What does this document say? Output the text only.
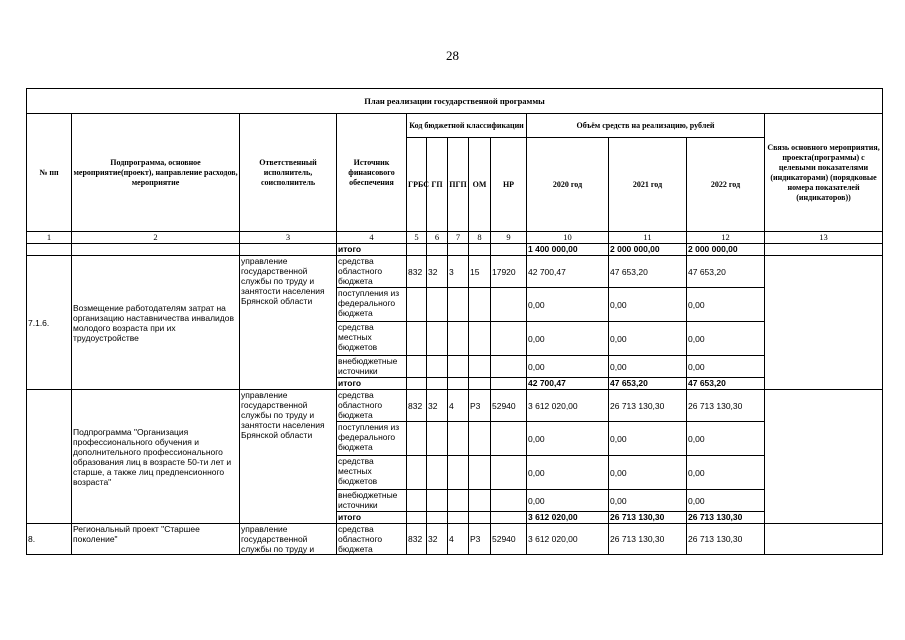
28
План реализации государственной программы												
№ пп	Подпрограмма, основное мероприятие(проект), направление расходов, мероприятие	Ответственный исполнитель, соисполнитель	Источник финансового обеспечения	Код бюджетной классификации					Объём средств на реализацию, рублей			Связь основного мероприятия, проекта(программы) с целевыми показателями (индикаторами) (порядковые номера показателей (индикаторов))
				ГРБС	ГП	ПГП	ОМ	НР	2020 год	2021 год	2022 год	
1	2	3	4	5	6	7	8	9	10	11	12	13
			итого						1 400 000,00	2 000 000,00	2 000 000,00	
7.1.6.	Возмещение работодателям затрат на организацию наставничества инвалидов молодого возраста при их трудоустройстве	управление государственной службы по труду и занятости населения Брянской области	средства областного бюджета	832	32	3	15	17920	42 700,47	47 653,20	47 653,20	
			поступления из федерального бюджета						0,00	0,00	0,00	
			средства местных бюджетов						0,00	0,00	0,00	
			внебюджетные источники						0,00	0,00	0,00	
			итого						42 700,47	47 653,20	47 653,20	
	Подпрограмма "Организация профессионального обучения и дополнительного профессионального образования лиц в возрасте 50-ти лет и старше, а также лиц предпенсионного возраста"	управление государственной службы по труду и занятости населения Брянской области	средства областного бюджета	832	32	4	P3	52940	3 612 020,00	26 713 130,30	26 713 130,30	
			поступления из федерального бюджета						0,00	0,00	0,00	
			средства местных бюджетов						0,00	0,00	0,00	
			внебюджетные источники						0,00	0,00	0,00	
			итого						3 612 020,00	26 713 130,30	26 713 130,30	
8.	Региональный проект "Старшее поколение"	управление государственной службы по труду и	средства областного бюджета	832	32	4	P3	52940	3 612 020,00	26 713 130,30	26 713 130,30	
